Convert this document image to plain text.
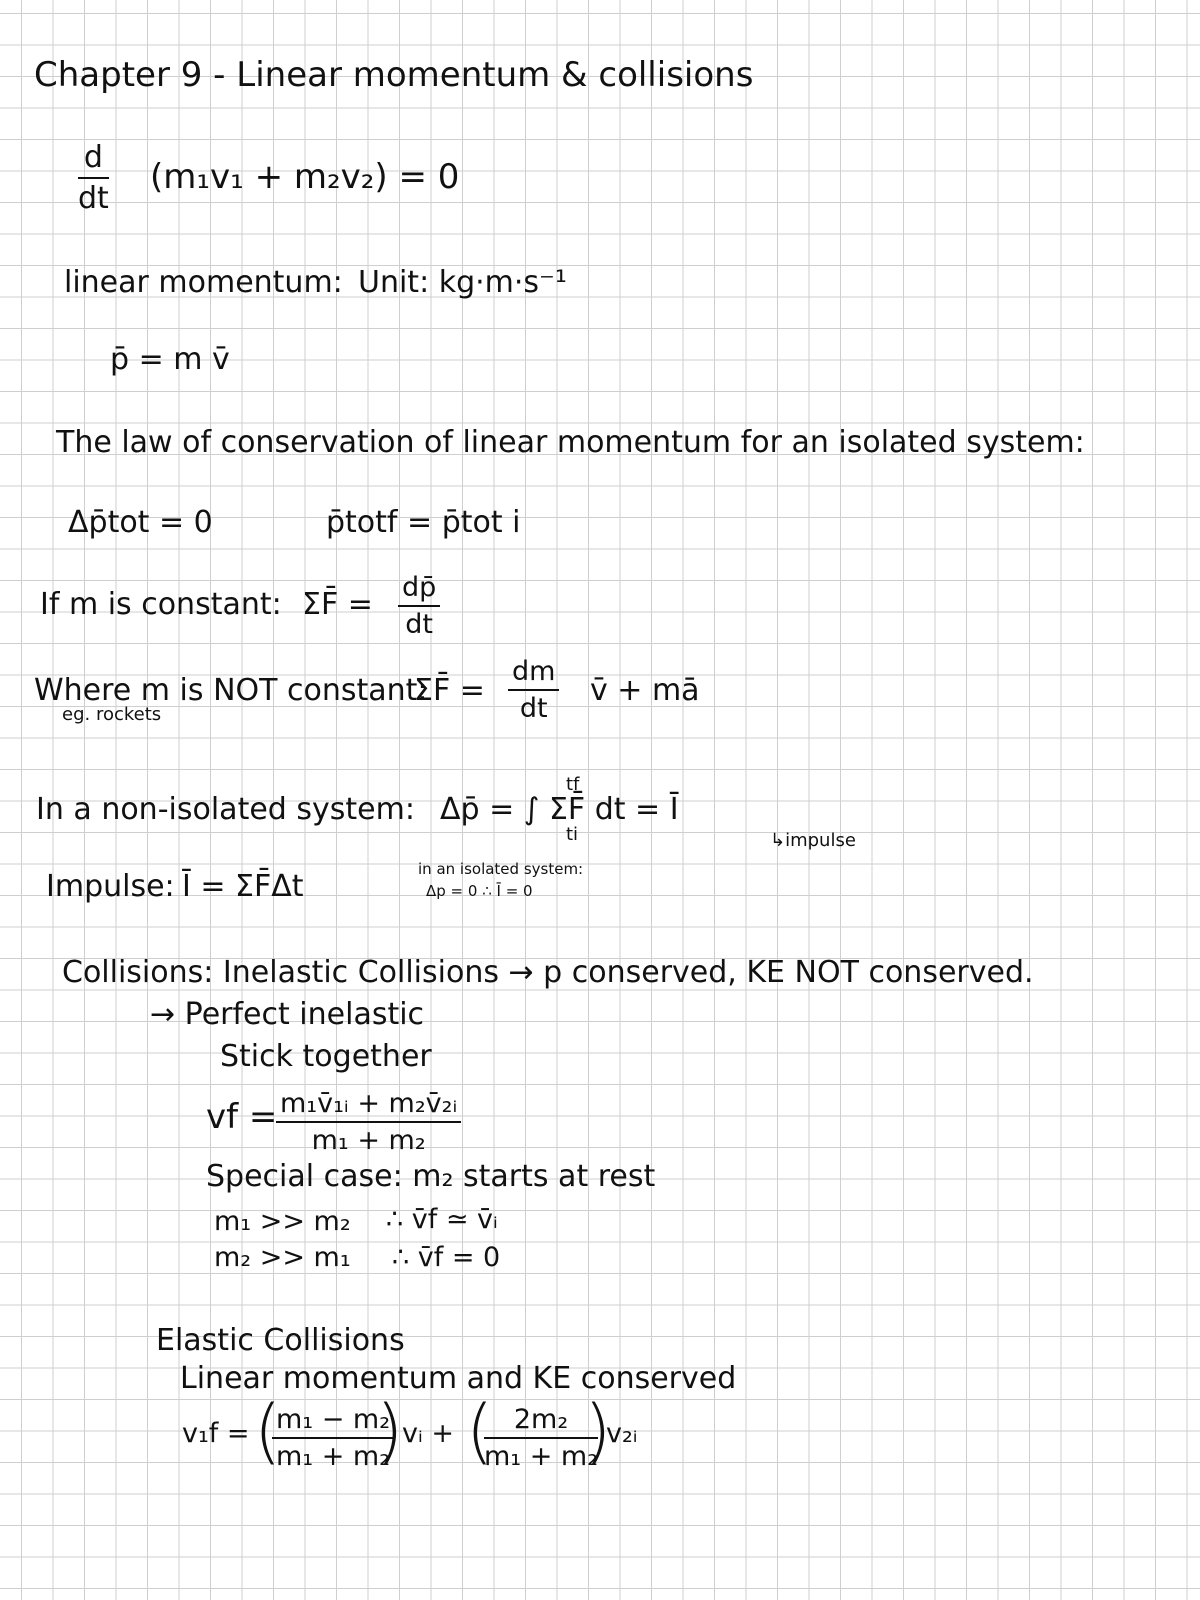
Chapter 9 - Linear momentum & collisions
$\frac{d}{dt} (m_1v_1 + m_2v_2) = 0$
linear momentum: Unit: kg·m·s⁻¹
p̄ = m v̄
The law of conservation of linear momentum for an isolated system:
Δp̄tot = 0	p̄totf = p̄tot i
If m is constant: ΣF̄ = $\frac{dp̄}{dt}$
Where m is NOT constant:
eg. rockets
ΣF̄ = $\frac{dm}{dt}$ v̄ + mā
In a non-isolated system: Δp̄ = ∫ ΣF̄ dt = Ī
tf
ti	↳impulse
Impulse: Ī = ΣF̄Δt	in an isolated system:
Δp = 0 ∴ Ī = 0
Collisions: Inelastic Collisions → p conserved, KE NOT conserved.
→ Perfect inelastic
Stick together
vf =
$\frac{\text{m₁v̄₁ᵢ + m₂v̄₂ᵢ}}{\text{m₁ + m₂}}$
Special case: m₂ starts at rest
m₁ >> m₂ ∴ v̄f ≃ v̄ᵢ
m₂ >> m₁ ∴ v̄f = 0
Elastic Collisions
Linear momentum and KE conserved
v₁f = (
$\frac{\text{m₁ − m₂}}{\text{m₁ + m₂}}$
)
vᵢ + (
$\frac{\text{2m₂}}{\text{m₁ + m₂}}$
)
v₂ᵢ
